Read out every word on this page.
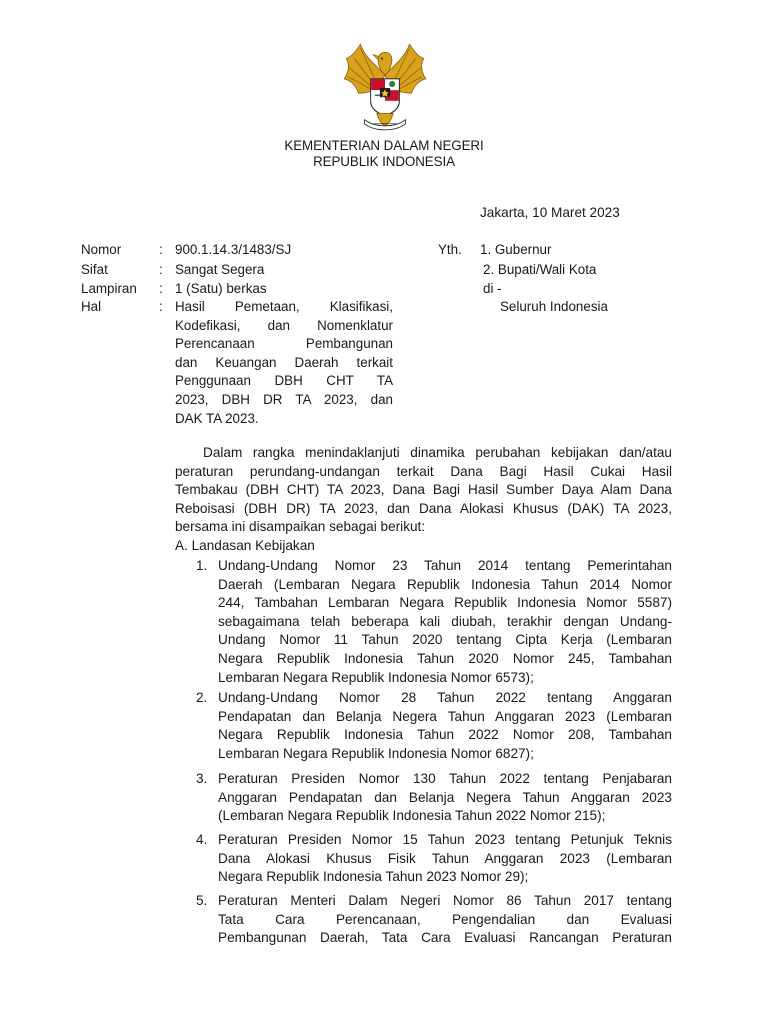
KEMENTERIAN DALAM NEGERI
REPUBLIK INDONESIA
Jakarta, 10 Maret 2023
Nomor	: 900.1.14.3/1483/SJ
Sifat	: Sangat Segera
Lampiran : 1 (Satu) berkas
Hal	: Hasil Pemetaan, Klasifikasi,
Kodefikasi, dan Nomenklatur
Perencanaan Pembangunan
dan Keuangan Daerah terkait
Penggunaan DBH CHT TA
2023, DBH DR TA 2023, dan
DAK TA 2023.
Yth. 1. Gubernur
2. Bupati/Wali Kota
di -
Seluruh Indonesia
Dalam rangka menindaklanjuti dinamika perubahan kebijakan dan/atau
peraturan perundang-undangan terkait Dana Bagi Hasil Cukai Hasil
Tembakau (DBH CHT) TA 2023, Dana Bagi Hasil Sumber Daya Alam Dana
Reboisasi (DBH DR) TA 2023, dan Dana Alokasi Khusus (DAK) TA 2023,
bersama ini disampaikan sebagai berikut:
A. Landasan Kebijakan
1. Undang-Undang Nomor 23 Tahun 2014 tentang Pemerintahan
Daerah (Lembaran Negara Republik Indonesia Tahun 2014 Nomor
244, Tambahan Lembaran Negara Republik Indonesia Nomor 5587)
sebagaimana telah beberapa kali diubah, terakhir dengan Undang-
Undang Nomor 11 Tahun 2020 tentang Cipta Kerja (Lembaran
Negara Republik Indonesia Tahun 2020 Nomor 245, Tambahan
Lembaran Negara Republik Indonesia Nomor 6573);
2. Undang-Undang Nomor 28 Tahun 2022 tentang Anggaran
Pendapatan dan Belanja Negera Tahun Anggaran 2023 (Lembaran
Negara Republik Indonesia Tahun 2022 Nomor 208, Tambahan
Lembaran Negara Republik Indonesia Nomor 6827);
3. Peraturan Presiden Nomor 130 Tahun 2022 tentang Penjabaran
Anggaran Pendapatan dan Belanja Negera Tahun Anggaran 2023
(Lembaran Negara Republik Indonesia Tahun 2022 Nomor 215);
4. Peraturan Presiden Nomor 15 Tahun 2023 tentang Petunjuk Teknis
Dana Alokasi Khusus Fisik Tahun Anggaran 2023 (Lembaran
Negara Republik Indonesia Tahun 2023 Nomor 29);
5. Peraturan Menteri Dalam Negeri Nomor 86 Tahun 2017 tentang
Tata Cara Perencanaan, Pengendalian dan Evaluasi
Pembangunan Daerah, Tata Cara Evaluasi Rancangan Peraturan
